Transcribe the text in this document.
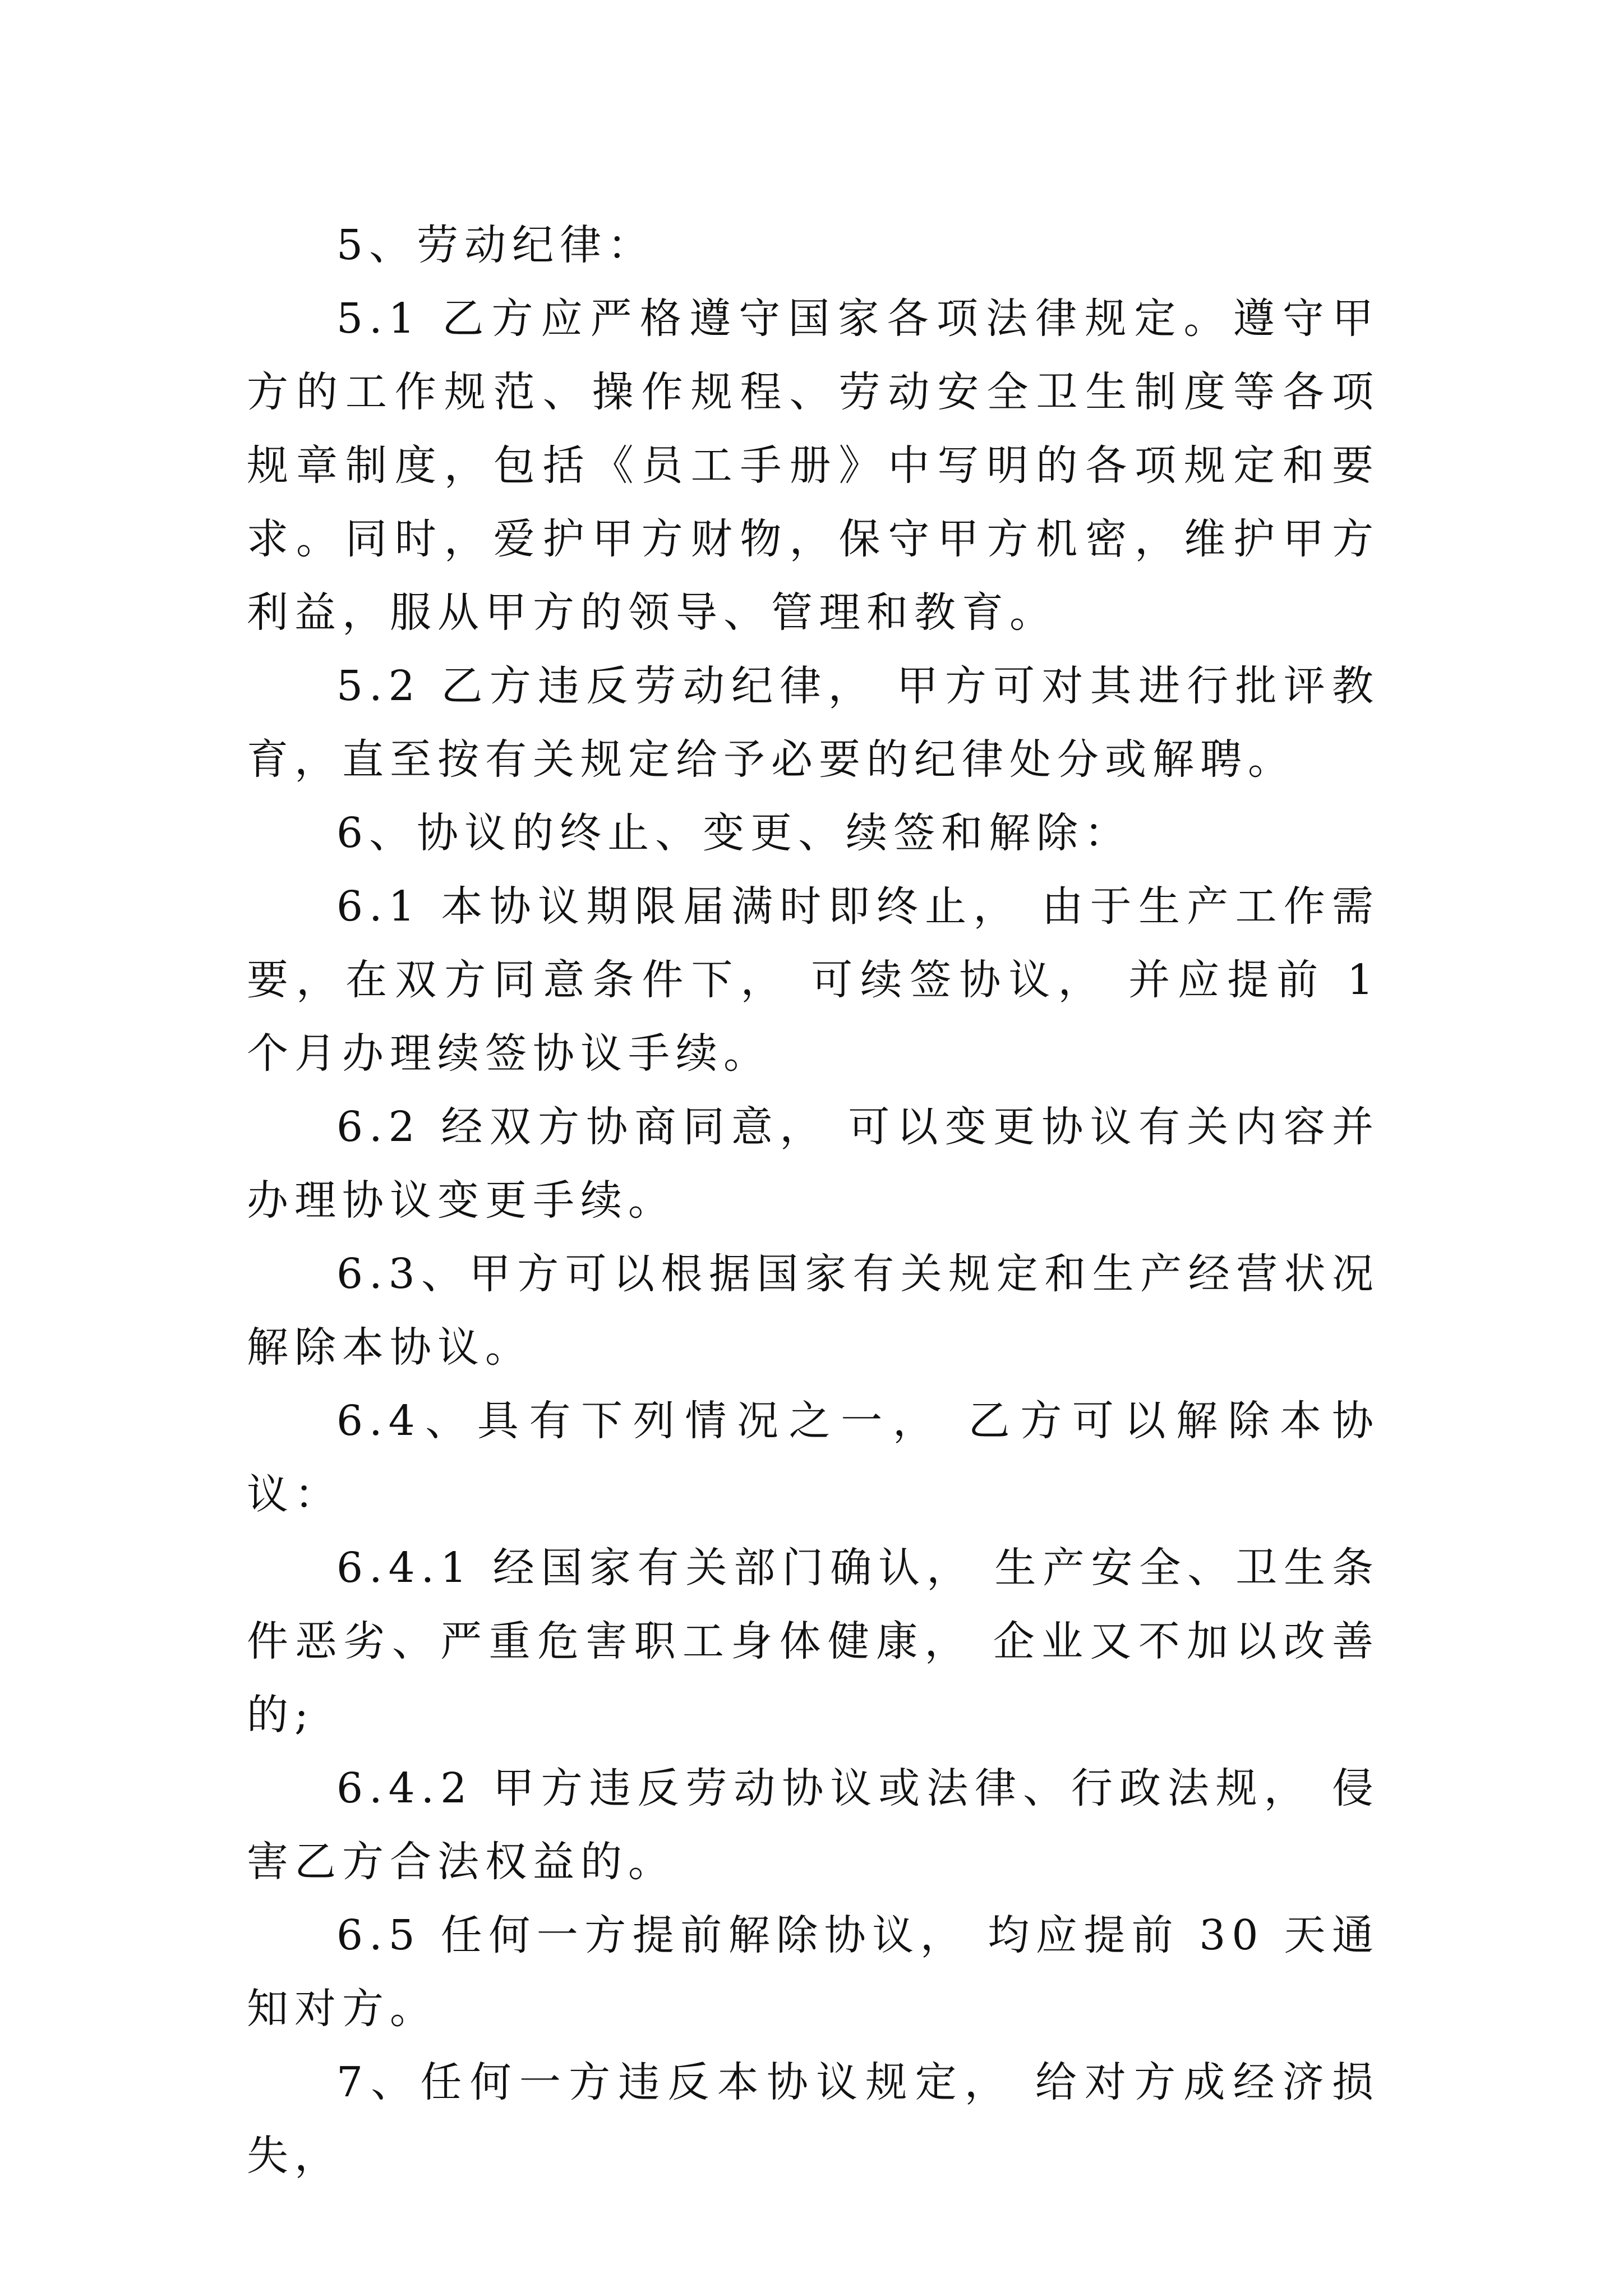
5、劳动纪律：

5.1 乙方应严格遵守国家各项法律规定。遵守甲方的工作规范、操作规程、劳动安全卫生制度等各项规章制度，包括《员工手册》中写明的各项规定和要求。同时，爱护甲方财物，保守甲方机密，维护甲方利益，服从甲方的领导、管理和教育。

5.2 乙方违反劳动纪律， 甲方可对其进行批评教育，直至按有关规定给予必要的纪律处分或解聘。

6、协议的终止、变更、续签和解除：

6.1 本协议期限届满时即终止， 由于生产工作需要，在双方同意条件下， 可续签协议， 并应提前 1 个月办理续签协议手续。

6.2 经双方协商同意， 可以变更协议有关内容并办理协议变更手续。

6.3、甲方可以根据国家有关规定和生产经营状况解除本协议。

6.4、具有下列情况之一， 乙方可以解除本协议：

6.4.1 经国家有关部门确认， 生产安全、卫生条件恶劣、严重危害职工身体健康， 企业又不加以改善的;

6.4.2 甲方违反劳动协议或法律、行政法规， 侵害乙方合法权益的。

6.5 任何一方提前解除协议， 均应提前 30 天通知对方。

7、任何一方违反本协议规定， 给对方成经济损失，
